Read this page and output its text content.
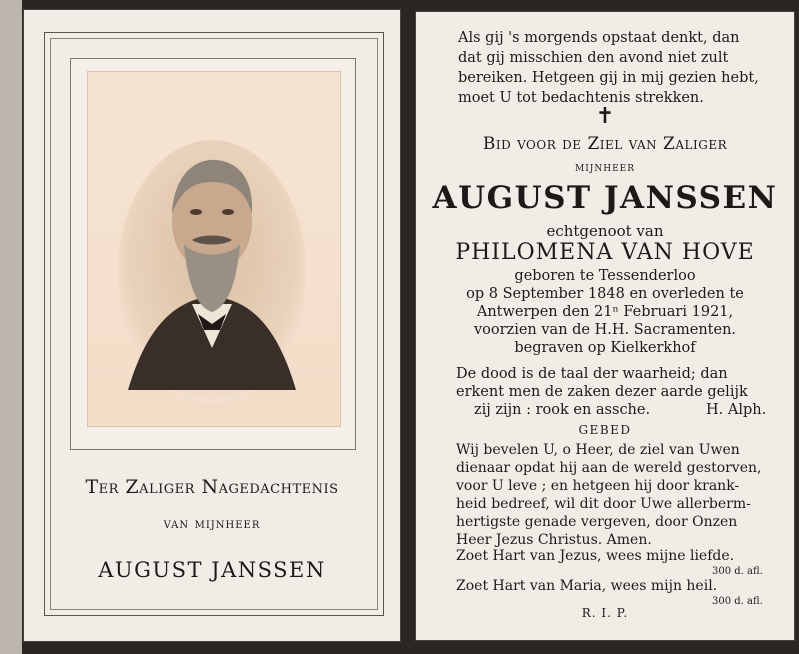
Ter Zaliger Nagedachtenis
van mijnheer
AUGUST JANSSEN
Als gij 's morgends opstaat denkt, dan
dat gij misschien den avond niet zult
bereiken. Hetgeen gij in mij gezien hebt,
moet U tot bedachtenis strekken.
✝
Bid voor de Ziel van Zaliger
mijnheer
AUGUST JANSSEN
echtgenoot van
PHILOMENA VAN HOVE
geboren te Tessenderloo
op 8 September 1848 en overleden te
Antwerpen den 21ⁿ Februari 1921,
voorzien van de H.H. Sacramenten.
begraven op Kielkerkhof
De dood is de taal der waarheid; dan
erkent men de zaken dezer aarde gelijk
zij zijn : rook en assche.	H. Alph.
GEBED
Wij bevelen U, o Heer, de ziel van Uwen
dienaar opdat hij aan de wereld gestorven,
voor U leve ; en hetgeen hij door krank-
heid bedreef, wil dit door Uwe allerberm-
hertigste genade vergeven, door Onzen
Heer Jezus Christus. Amen.
Zoet Hart van Jezus, wees mijne liefde.
300 d. afl.
Zoet Hart van Maria, wees mijn heil.
300 d. afl.
R. I. P.
